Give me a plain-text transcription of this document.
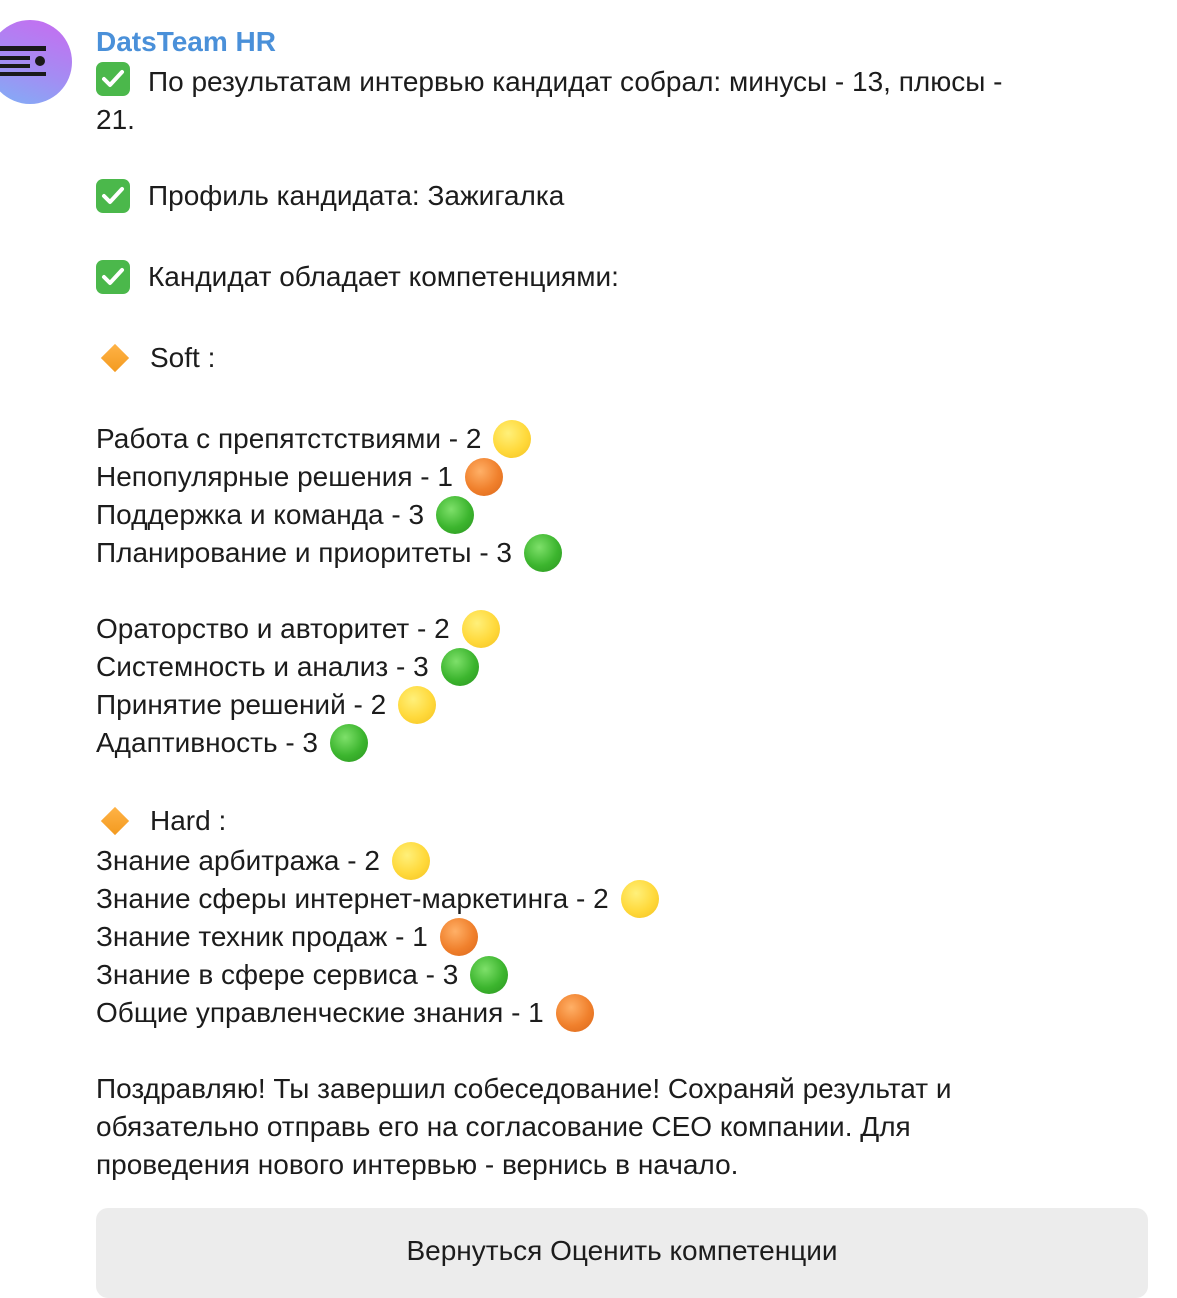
DatsTeam HR
По результатам интервью кандидат собрал: минусы - 13, плюсы -
21.
Профиль кандидата: Зажигалка
Кандидат обладает компетенциями:
Soft :
Работа с препятстствиями - 2
Непопулярные решения - 1
Поддержка и команда - 3
Планирование и приоритеты - 3
Ораторство и авторитет - 2
Системность и анализ - 3
Принятие решений - 2
Адаптивность - 3
Hard :
Знание арбитража - 2
Знание сферы интернет-маркетинга - 2
Знание техник продаж - 1
Знание в сфере сервиса - 3
Общие управленческие знания - 1
Поздравляю! Ты завершил собеседование! Сохраняй результат и
обязательно отправь его на согласование CEO компании. Для
проведения нового интервью - вернись в начало.
Вернуться Оценить компетенции
